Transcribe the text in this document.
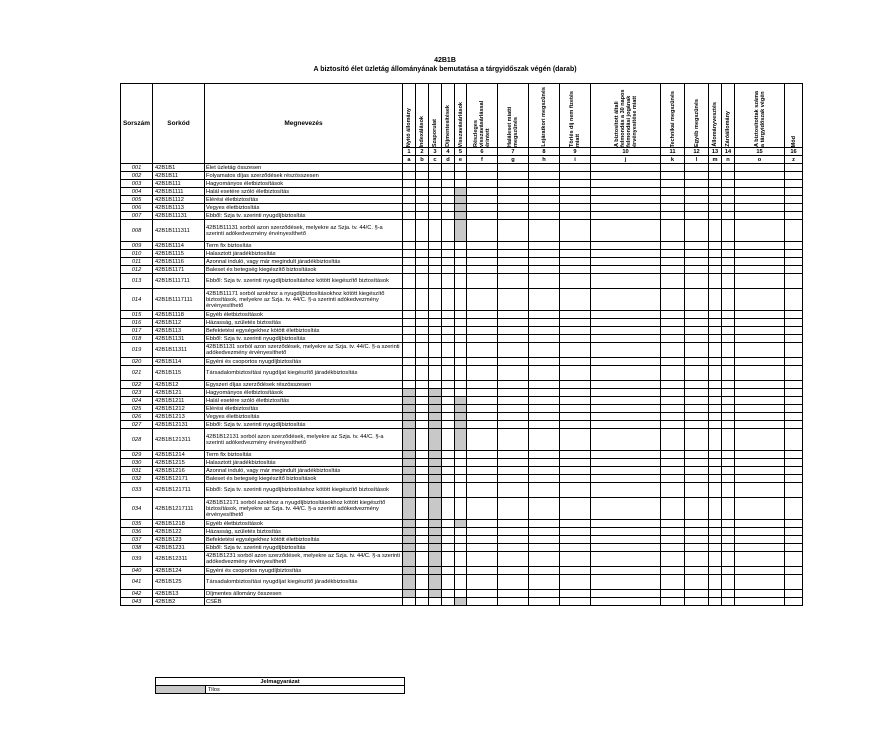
42B1B
A biztosító élet üzletág állományának bemutatása a tárgyidőszak végén (darab)
Sorszám	Sorkód	Megnevezés	Nyitó állomány	Indexálások	Szaporulat	Díjmentesítések	Visszavásárlások	Részleges visszavásárlással érintett	Haláleset miatti megszűnés	Lejáratkori megszűnés	Törlés díj nem fizetés miatt	A biztosított általi felmondás a 30 napos felmondási jogának érvényesítése miatt	Technikai megszűnés	Egyéb megszűnés	Állományvesztés	Záróállomány	A biztosítottak száma a tárgyidőszak végén	Mód

			1	2	3	4	5	6	7	8	9	10	11	12	13	14	15	16
			a	b	c	d	e	f	g	h	i	j	k	l	m	n	o	z
001	42B1B1	Élet üzletág összesen																
002	42B1B11	Folyamatos díjas szerződések részösszesen																
003	42B1B111	Hagyományos életbiztosítások																
004	42B1B1111	Halál esetére szóló életbiztosítás																
005	42B1B1112	Elérési életbiztosítás																
006	42B1B1113	Vegyes életbiztosítás																
007	42B1B11131	Ebből: Szja tv. szerinti nyugdíjbiztosítás																
008	42B1B111311	42B1B11131 sorból azon szerződések, melyekre az Szja. tv. 44/C. §-a szerinti adókedvezmény érvényesíthető																
009	42B1B1114	Term fix biztosítás																
010	42B1B1115	Halasztott járadékbiztosítás																
011	42B1B1116	Azonnal induló, vagy már megindult járadékbiztosítás																
012	42B1B1171	Baleset és betegség kiegészítő biztosítások																
013	42B1B111711	Ebből: Szja tv. szerinti nyugdíjbiztosításhoz kötött kiegészítő biztosítások																
014	42B1B1117111	42B1B11171 sorból azokhoz a nyugdíjbiztosításokhoz kötött kiegészítő biztosítások, melyekre az Szja. tv. 44/C. §-a szerinti adókedvezmény érvényesíthető																
015	42B1B1118	Egyéb életbiztosítások																
016	42B1B112	Házasság, születés biztosítás																
017	42B1B113	Befektetési egységekhez kötött életbiztosítás																
018	42B1B1131	Ebből: Szja tv. szerinti nyugdíjbiztosítás																
019	42B1B11311	42B1B1131 sorból azon szerződések, melyekre az Szja. tv. 44/C. §-a szerinti adókedvezmény érvényesíthető																
020	42B1B114	Egyéni és csoportos nyugdíjbiztosítás																
021	42B1B115	Társadalombiztosítási nyugdíjat kiegészítő járadékbiztosítás																
022	42B1B12	Egyszeri díjas szerződések részösszesen																
023	42B1B121	Hagyományos életbiztosítások																
024	42B1B1211	Halál esetére szóló életbiztosítás																
025	42B1B1212	Elérési életbiztosítás																
026	42B1B1213	Vegyes életbiztosítás																
027	42B1B12131	Ebből: Szja tv. szerinti nyugdíjbiztosítás																
028	42B1B121311	42B1B12131 sorból azon szerződések, melyekre az Szja. tv. 44/C. §-a szerinti adókedvezmény érvényesíthető																
029	42B1B1214	Term fix biztosítás																
030	42B1B1215	Halasztott járadékbiztosítás																
031	42B1B1216	Azonnal induló, vagy már megindult járadékbiztosítás																
032	42B1B12171	Baleset és betegség kiegészítő biztosítások																
033	42B1B121711	Ebből: Szja tv. szerinti nyugdíjbiztosításhoz kötött kiegészítő biztosítások																
034	42B1B1217111	42B1B12171 sorból azokhoz a nyugdíjbiztosításokhoz kötött kiegészítő biztosítások, melyekre az Szja. tv. 44/C. §-a szerinti adókedvezmény érvényesíthető																
035	42B1B1218	Egyéb életbiztosítások																
036	42B1B122	Házasság, születés biztosítás																
037	42B1B123	Befektetési egységekhez kötött életbiztosítás																
038	42B1B1231	Ebből: Szja tv. szerinti nyugdíjbiztosítás																
039	42B1B12311	42B1B1231 sorból azon szerződések, melyekre az Szja. tv. 44/C. §-a szerinti adókedvezmény érvényesíthető																
040	42B1B124	Egyéni és csoportos nyugdíjbiztosítás																
041	42B1B125	Társadalombiztosítási nyugdíjat kiegészítő járadékbiztosítás																
042	42B1B13	Díjmentes állomány összesen																
043	42B1B2	CSÉB																
Jelmagyarázat
	Tilos
